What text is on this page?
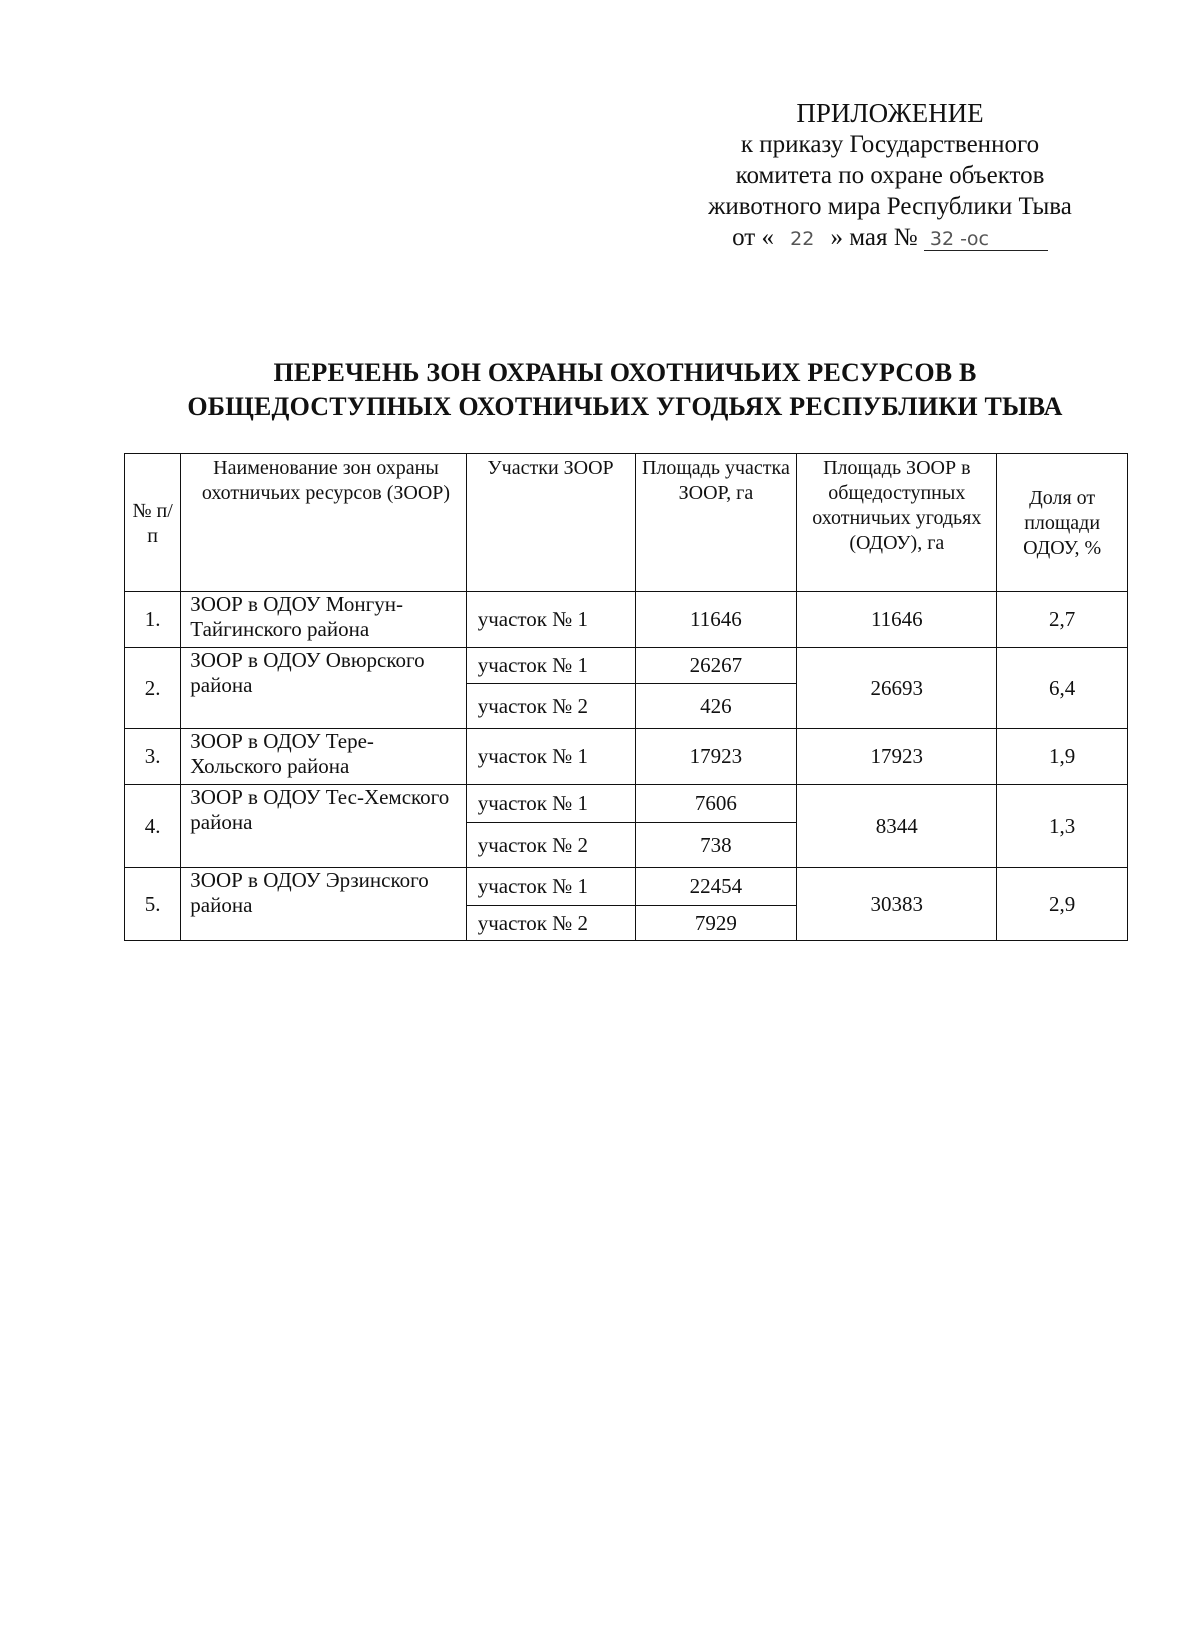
ПРИЛОЖЕНИЕ
к приказу Государственного
комитета по охране объектов
животного мира Республики Тыва
от « 22 » мая № 32 -ос
ПЕРЕЧЕНЬ ЗОН ОХРАНЫ ОХОТНИЧЬИХ РЕСУРСОВ В
ОБЩЕДОСТУПНЫХ ОХОТНИЧЬИХ УГОДЬЯХ РЕСПУБЛИКИ ТЫВА
№ п/п	Наименование зон охраны охотничьих ресурсов (ЗООР)	Участки ЗООР	Площадь участка ЗООР, га	Площадь ЗООР в общедоступных охотничьих угодьях (ОДОУ), га	Доля от площади ОДОУ, %
1.	ЗООР в ОДОУ Монгун-Тайгинского района	участок № 1	11646	11646	2,7
2.	ЗООР в ОДОУ Овюрского района	участок № 1	26267	26693	6,4
		участок № 2	426		
3.	ЗООР в ОДОУ Тере-Хольского района	участок № 1	17923	17923	1,9
4.	ЗООР в ОДОУ Тес-Хемского района	участок № 1	7606	8344	1,3
		участок № 2	738		
5.	ЗООР в ОДОУ Эрзинского района	участок № 1	22454	30383	2,9
		участок № 2	7929		
